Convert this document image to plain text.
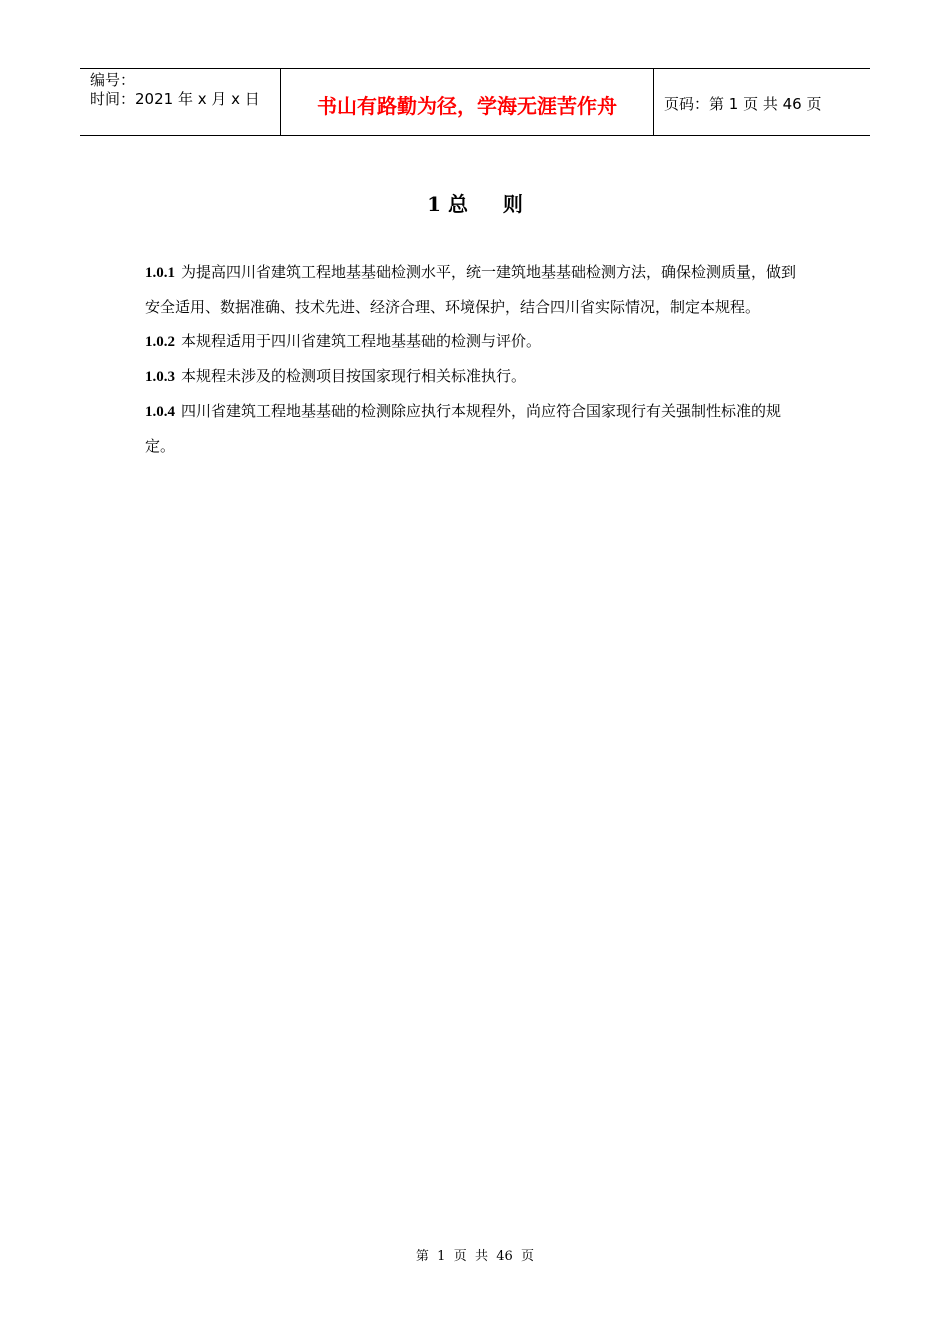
编号：
时间：2021 年 x 月 x 日	书山有路勤为径，学海无涯苦作舟	页码：第 1 页 共 46 页
1 总     则

1.0.1 为提高四川省建筑工程地基基础检测水平，统一建筑地基基础检测方法，确保检测质量，做到安全适用、数据准确、技术先进、经济合理、环境保护，结合四川省实际情况，制定本规程。

1.0.2 本规程适用于四川省建筑工程地基基础的检测与评价。

1.0.3 本规程未涉及的检测项目按国家现行相关标准执行。

1.0.4 四川省建筑工程地基基础的检测除应执行本规程外，尚应符合国家现行有关强制性标准的规定。

第  1  页  共  46  页
